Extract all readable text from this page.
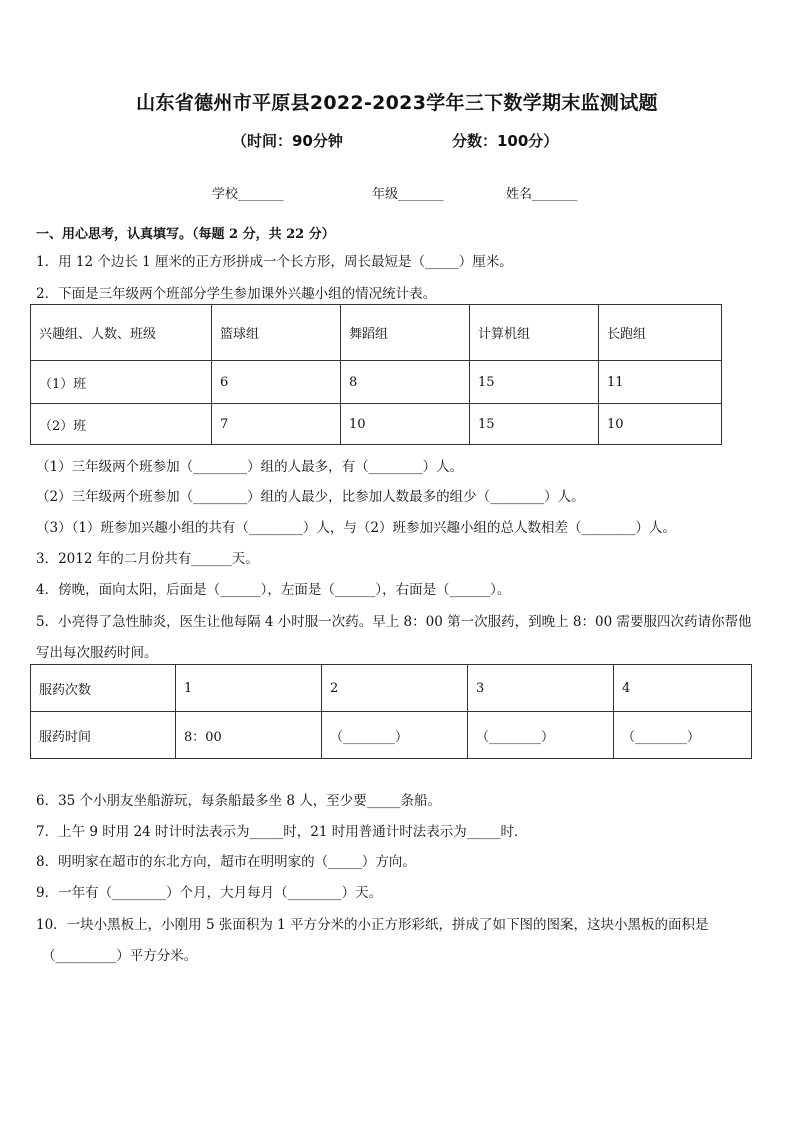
山东省德州市平原县2022-2023学年三下数学期末监测试题
（时间：90分钟	分数：100分）
学校_______	年级_______	姓名_______
一、用心思考，认真填写。（每题 2 分，共 22 分）
1．用 12 个边长 1 厘米的正方形拼成一个长方形，周长最短是（_____）厘米。
2．下面是三年级两个班部分学生参加课外兴趣小组的情况统计表。
兴趣组、人数、班级	篮球组	舞蹈组	计算机组	长跑组
（1）班	6	8	15	11
（2）班	7	10	15	10
（1）三年级两个班参加（________）组的人最多，有（________）人。
（2）三年级两个班参加（________）组的人最少，比参加人数最多的组少（________）人。
（3）（1）班参加兴趣小组的共有（________）人，与（2）班参加兴趣小组的总人数相差（________）人。
3．2012 年的二月份共有______天。
4．傍晚，面向太阳，后面是（______），左面是（______），右面是（______）。
5．小亮得了急性肺炎，医生让他每隔 4 小时服一次药。早上 8：00 第一次服药，到晚上 8：00 需要服四次药请你帮他
写出每次服药时间。
服药次数	1	2	3	4
服药时间	8：00	（________）	（________）	（________）
6．35 个小朋友坐船游玩，每条船最多坐 8 人，至少要_____条船。
7．上午 9 时用 24 时计时法表示为_____时，21 时用普通计时法表示为_____时．
8．明明家在超市的东北方向，超市在明明家的（_____）方向。
9．一年有（________）个月，大月每月（________）天。
10．一块小黑板上，小刚用 5 张面积为 1 平方分米的小正方形彩纸，拼成了如下图的图案，这块小黑板的面积是
（_________）平方分米。
